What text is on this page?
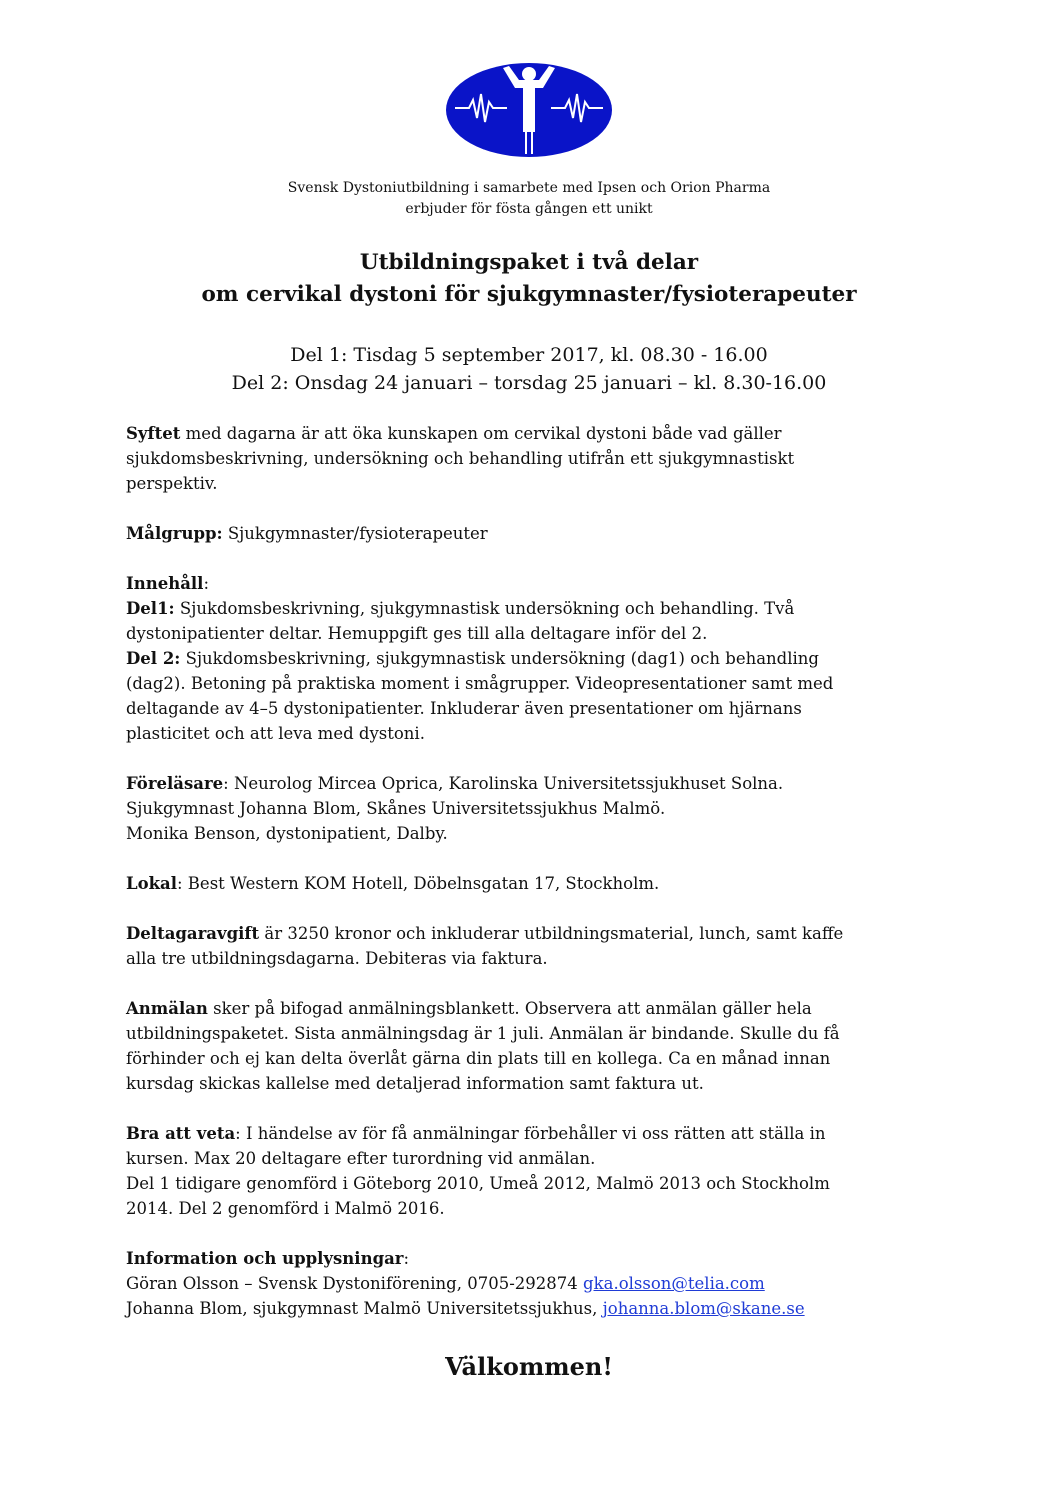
Svensk Dystoniutbildning i samarbete med Ipsen och Orion Pharma
erbjuder för fösta gången ett unikt
Utbildningspaket i två delar
om cervikal dystoni för sjukgymnaster/fysioterapeuter
Del 1: Tisdag 5 september 2017, kl. 08.30 - 16.00
Del 2: Onsdag 24 januari – torsdag 25 januari – kl. 8.30-16.00

Syftet med dagarna är att öka kunskapen om cervikal dystoni både vad gäller
sjukdomsbeskrivning, undersökning och behandling utifrån ett sjukgymnastiskt
perspektiv.

Målgrupp: Sjukgymnaster/fysioterapeuter

Innehåll:
Del1: Sjukdomsbeskrivning, sjukgymnastisk undersökning och behandling. Två
dystonipatienter deltar. Hemuppgift ges till alla deltagare inför del 2.
Del 2: Sjukdomsbeskrivning, sjukgymnastisk undersökning (dag1) och behandling
(dag2). Betoning på praktiska moment i smågrupper. Videopresentationer samt med
deltagande av 4–5 dystonipatienter. Inkluderar även presentationer om hjärnans
plasticitet och att leva med dystoni.

Föreläsare: Neurolog Mircea Oprica, Karolinska Universitetssjukhuset Solna.
Sjukgymnast Johanna Blom, Skånes Universitetssjukhus Malmö.
Monika Benson, dystonipatient, Dalby.

Lokal: Best Western KOM Hotell, Döbelnsgatan 17, Stockholm.

Deltagaravgift är 3250 kronor och inkluderar utbildningsmaterial, lunch, samt kaffe
alla tre utbildningsdagarna. Debiteras via faktura.

Anmälan sker på bifogad anmälningsblankett. Observera att anmälan gäller hela
utbildningspaketet. Sista anmälningsdag är 1 juli. Anmälan är bindande. Skulle du få
förhinder och ej kan delta överlåt gärna din plats till en kollega. Ca en månad innan
kursdag skickas kallelse med detaljerad information samt faktura ut.

Bra att veta: I händelse av för få anmälningar förbehåller vi oss rätten att ställa in
kursen. Max 20 deltagare efter turordning vid anmälan.
Del 1 tidigare genomförd i Göteborg 2010, Umeå 2012, Malmö 2013 och Stockholm
2014. Del 2 genomförd i Malmö 2016.

Information och upplysningar:
Göran Olsson – Svensk Dystoniförening, 0705-292874 gka.olsson@telia.com
Johanna Blom, sjukgymnast Malmö Universitetssjukhus, johanna.blom@skane.se

Välkommen!
